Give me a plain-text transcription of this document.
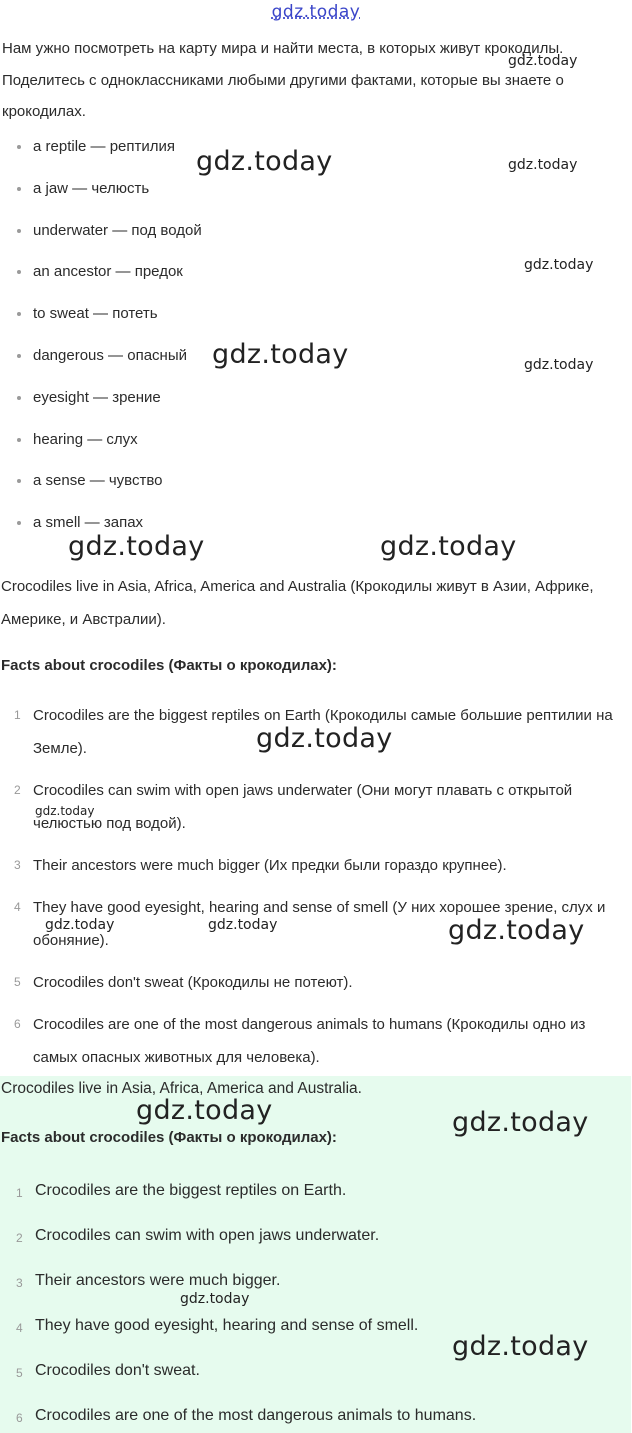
gdz.today

Нам ужно посмотреть на карту мира и найти места, в которых живут крокодилы. Поделитесь с одноклассниками любыми другими фактами, которые вы знаете о крокодилах.

a reptile — рептилия
a jaw — челюсть
underwater — под водой
an ancestor — предок
to sweat — потеть
dangerous — опасный
eyesight — зрение
hearing — слух
a sense — чувство
a smell — запах

Crocodiles live in Asia, Africa, America and Australia (Крокодилы живут в Азии, Африке, Америке, и Австралии).

Facts about crocodiles (Факты о крокодилах):

1 Crocodiles are the biggest reptiles on Earth (Крокодилы самые большие рептилии на Земле).
2 Crocodiles can swim with open jaws underwater (Они могут плавать с открытой челюстью под водой).
3 Their ancestors were much bigger (Их предки были гораздо крупнее).
4 They have good eyesight, hearing and sense of smell (У них хорошее зрение, слух и обоняние).
5 Crocodiles don't sweat (Крокодилы не потеют).
6 Crocodiles are one of the most dangerous animals to humans (Крокодилы одно из самых опасных животных для человека).

Crocodiles live in Asia, Africa, America and Australia.

Facts about crocodiles (Факты о крокодилах):

1 Crocodiles are the biggest reptiles on Earth.
2 Crocodiles can swim with open jaws underwater.
3 Their ancestors were much bigger.
4 They have good eyesight, hearing and sense of smell.
5 Crocodiles don't sweat.
6 Crocodiles are one of the most dangerous animals to humans.
gdz.today
gdz.today	gdz.today
gdz.today
gdz.today	gdz.today
gdz.today	gdz.today
gdz.today
gdz.today
gdz.today	gdz.today	gdz.today
gdz.today	gdz.today
gdz.today
gdz.today
